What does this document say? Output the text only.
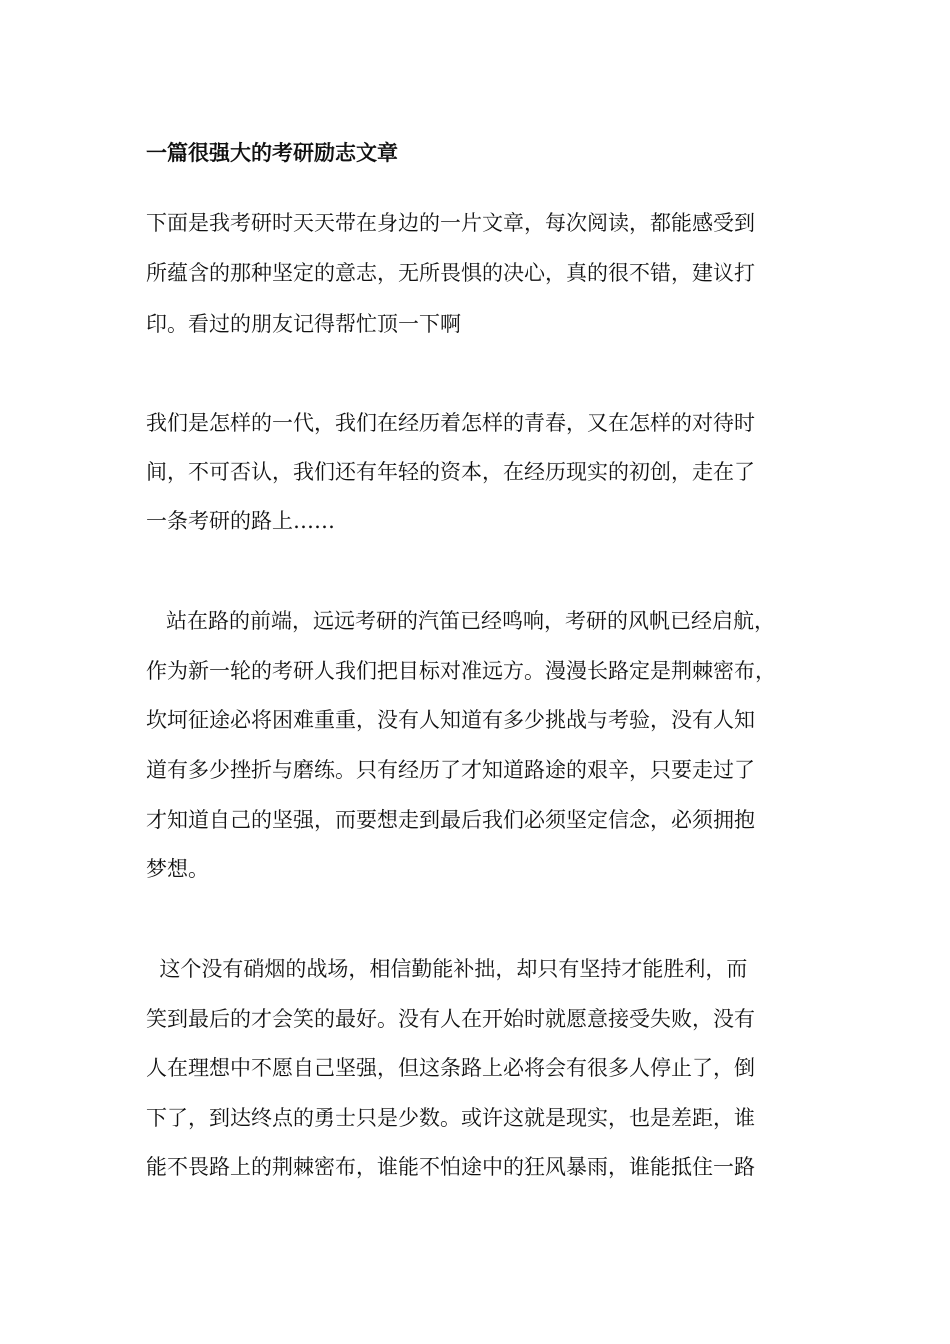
一篇很强大的考研励志文章
下面是我考研时天天带在身边的一片文章，每次阅读，都能感受到
所蕴含的那种坚定的意志，无所畏惧的决心，真的很不错，建议打
印。看过的朋友记得帮忙顶一下啊
我们是怎样的一代，我们在经历着怎样的青春，又在怎样的对待时
间，不可否认，我们还有年轻的资本，在经历现实的初创，走在了
一条考研的路上……
站在路的前端，远远考研的汽笛已经鸣响，考研的风帆已经启航，
作为新一轮的考研人我们把目标对准远方。漫漫长路定是荆棘密布，
坎坷征途必将困难重重，没有人知道有多少挑战与考验，没有人知
道有多少挫折与磨练。只有经历了才知道路途的艰辛，只要走过了
才知道自己的坚强，而要想走到最后我们必须坚定信念，必须拥抱
梦想。
这个没有硝烟的战场，相信勤能补拙，却只有坚持才能胜利，而
笑到最后的才会笑的最好。没有人在开始时就愿意接受失败，没有
人在理想中不愿自己坚强，但这条路上必将会有很多人停止了，倒
下了，到达终点的勇士只是少数。或许这就是现实，也是差距，谁
能不畏路上的荆棘密布，谁能不怕途中的狂风暴雨，谁能抵住一路
